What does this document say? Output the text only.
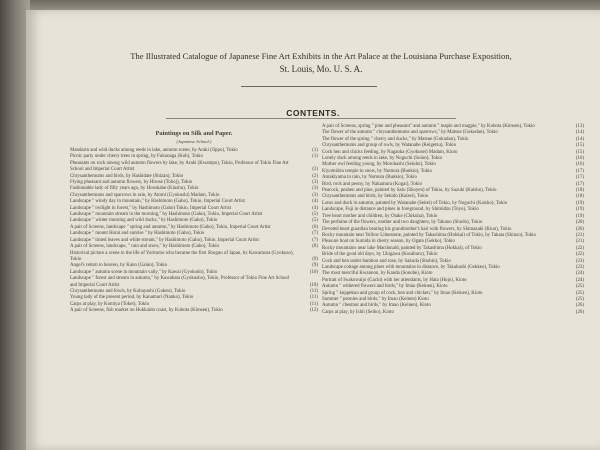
The Illustrated Catalogue of Japanese Fine Art Exhibits in the Art Palace at the Louisiana Purchase Exposition,
St. Louis, Mo. U. S. A.
CONTENTS.
Paintings on Silk and Paper.
(Japanese School.)
Mandarin and wild ducks among reeds in lake, autumn scene, by Araki (Jippo), Tokio	(1)
Picnic party under cherry trees in spring, by Fukunaga (Koh), Tokio	(1)
Pheasants on rock among wild autumn flowers by lake, by Araki (Kwampo), Tokio, Professor of Tokio Fine Art School and Imperial Court Artist	(2)
Chrysanthemums and birds, by Hashidate (Shizan), Tokio	(2)
Flying pheasant and autumn flowers, by Hirose (Tohoj), Tokio	(3)
Fashionable lady of fifty years ago, by Hosokahe (Kinshu), Tokio	(3)
Chrysanthemums and sparrows in rain, by Atomi (Gyokushi) Madam, Tokio	(3)
Landscape " windy day in mountain," by Hashimoto (Gaho), Tokio, Imperial Court Artist	(4)
Landscape " twilight in forest," by Hashimoto (Gaho) Tokio, Imperial Court Artist	(4)
Landscape " mountain stream in the morning," by Hashimoto (Gaho), Tokio, Imperial Court Artist	(5)
Landscape " winter morning and wild ducks," by Hashimoto (Gaho), Tokio	(5)
A pair of Screens, landscape " spring and autumn," by Hashimoto (Gaho), Tokio, Imperial Court Artist	(6)
Landscape " mount Horai and sunrise " by Hashimoto (Gaho), Tokio	(7)
Landscape " tinted leaves and white stream," by Hashimoto (Gaho), Tokio, Imperial Court Artist	(7)
A pair of Screens, landscape, " rain and snow," by Hashimoto (Gaho), Tokio	(8)
Historical picture a scene in the life of Yoritomo who became the first Shogun of Japan, by Kawamura (Gyokuso), Tokio	(9)
Angel's return to heaven, by Kano (Gaiun), Tokio	(9)
Landscape " autumn scene in mountain vally," by Kawai (Gyokudo), Tokio	(10)
Landscape " forest and stream in autumn," by Kawabata (Gyokusho), Tokio, Professor of Tokio Fine Art School and Imperial Court Artist	(10)
Chrysanthemums and fowls, by Kobayashi (Goken), Tokio	(11)
Young lady of the present period, by Kanamori (Nanko), Tokio	(11)
Carps at play, by Komiya (Tokei), Tokio	(11)
A pair of Screens, fish market on Hokkaido coast, by Kubota (Kimsen), Tokio	(12)
A pair of Screens, spring " pine and pheasant" and autumn " maple and magpie," by Kubota (Kimsen), Tokio	(13)
The flower of the autumn " chrysanthemums and sparrows," by Matsue (Gokudan), Tokio	(14)
The flower of the spring " cherry and ducks," by Matsue (Gokudan), Tokio	(14)
Chrysanthemums and group of owls, by Watanabe (Keigetsu), Tokio	(15)
Cock hen and chicks feeding, by Nagaoka (Gyokusei) Madam, Kioto	(15)
Lonely duck among reeds in lake, by Noguchi (Suiun), Tokio	(16)
Mother owl feeding young, by Morohashi (Seiuho), Tokio	(16)
Kiyomidzu temple in snow, by Nomura (Bunkio), Tokio	(17)
Amakiyama in rain, by Nomura (Bunkio), Tokio	(17)
Bird, rock and peony, by Nakamura (Kogai), Tokio	(17)
Peacock, peahen and pine, painted by Sato (Shoyen) of Tokio, by Suzuki (Kaisho), Tokio	(18)
Chrysanthemums and birds, by Sekido (Kaisei), Tokio	(18)
Lotus and duck in autumn, painted by Watanabe (Seitei) of Tokio, by Noguchi (Kaisho), Tokio	(19)
Landscape, Fuji in distance and pines in foreground, by Shimidzu (Toyo), Tokio	(19)
Tree heart mother and children, by Otake (Chikuha), Tokio	(19)
The perfume of the flowers, mother and two daughters, by Takano (Shodo), Tokio	(20)
Devoted heart guardian bearing his grandmother's hair with flowers, by Shimazaki (Kiun), Tokio	(20)
Rocky mountain near Yellow Limestone, painted by Takashima (Hokkai) of Tokio, by Takata (Shinzo), Tokio	(21)
Pleasure boat on Sumida in cherry season, by Ogata (Gekko), Tokio	(21)
Rocky mountains near lake Macdonald, painted by Takashima (Hokkai), of Tokio	(22)
Bride of the good old days, by Ukigawa (Kosaburo), Tokio	(22)
Cock and hen under bamboo and rose, by Sakuda (Shohin), Tokio	(23)
Landscape cottage among pines with mountains in distance, by Takahashi (Gekkeo), Tokio	(23)
The most merciful Kwannon, by Kanda (Sonobe), Kioto	(24)
Portrait of Iwakuwaijo (Gachi) with her attendants, by Hata (Hojo), Kioto	(24)
Autumn " withered flowers and birds," by Imao (Keinen), Kioto	(25)
Spring " kuppekun and group of cock, hen and chicken," by Imao (Keinen), Kioto	(25)
Summer " peonies and birds," by Imao (Keinen) Kioto	(25)
Autumn " chestnut and birds," by Imao (Keinen), Kioto	(26)
Carps at play, by Ishii (Seiho), Kioto	(26)
